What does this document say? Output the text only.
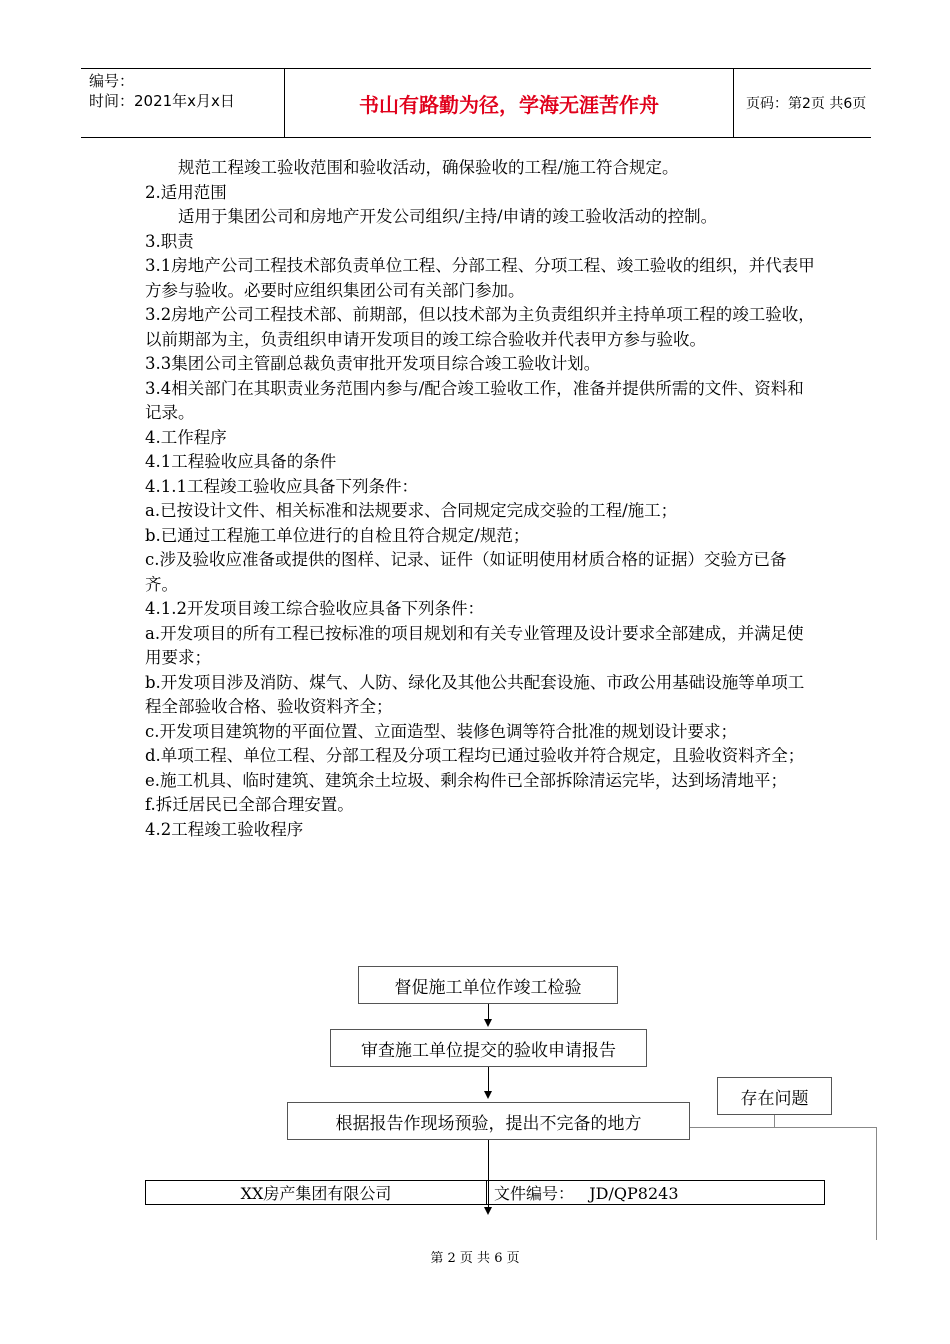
编号：
时间：2021年x月x日	书山有路勤为径，学海无涯苦作舟	页码：第2页 共6页

规范工程竣工验收范围和验收活动，确保验收的工程/施工符合规定。

2.适用范围

适用于集团公司和房地产开发公司组织/主持/申请的竣工验收活动的控制。

3.职责

3.1房地产公司工程技术部负责单位工程、分部工程、分项工程、竣工验收的组织，并代表甲方参与验收。必要时应组织集团公司有关部门参加。

3.2房地产公司工程技术部、前期部，但以技术部为主负责组织并主持单项工程的竣工验收，以前期部为主，负责组织申请开发项目的竣工综合验收并代表甲方参与验收。

3.3集团公司主管副总裁负责审批开发项目综合竣工验收计划。

3.4相关部门在其职责业务范围内参与/配合竣工验收工作，准备并提供所需的文件、资料和记录。

4.工作程序

4.1工程验收应具备的条件

4.1.1工程竣工验收应具备下列条件：

a.已按设计文件、相关标准和法规要求、合同规定完成交验的工程/施工；

b.已通过工程施工单位进行的自检且符合规定/规范；

c.涉及验收应准备或提供的图样、记录、证件（如证明使用材质合格的证据）交验方已备齐。

4.1.2开发项目竣工综合验收应具备下列条件：

a.开发项目的所有工程已按标准的项目规划和有关专业管理及设计要求全部建成，并满足使用要求；

b.开发项目涉及消防、煤气、人防、绿化及其他公共配套设施、市政公用基础设施等单项工程全部验收合格、验收资料齐全；

c.开发项目建筑物的平面位置、立面造型、装修色调等符合批准的规划设计要求；

d.单项工程、单位工程、分部工程及分项工程均已通过验收并符合规定，且验收资料齐全；

e.施工机具、临时建筑、建筑余土垃圾、剩余构件已全部拆除清运完毕，达到场清地平；

f.拆迁居民已全部合理安置。

4.2工程竣工验收程序

督促施工单位作竣工检验
审查施工单位提交的验收申请报告
存在问题
根据报告作现场预验，提出不完备的地方
XX房产集团有限公司	文件编号：   JD/QP8243
第 2 页 共 6 页
